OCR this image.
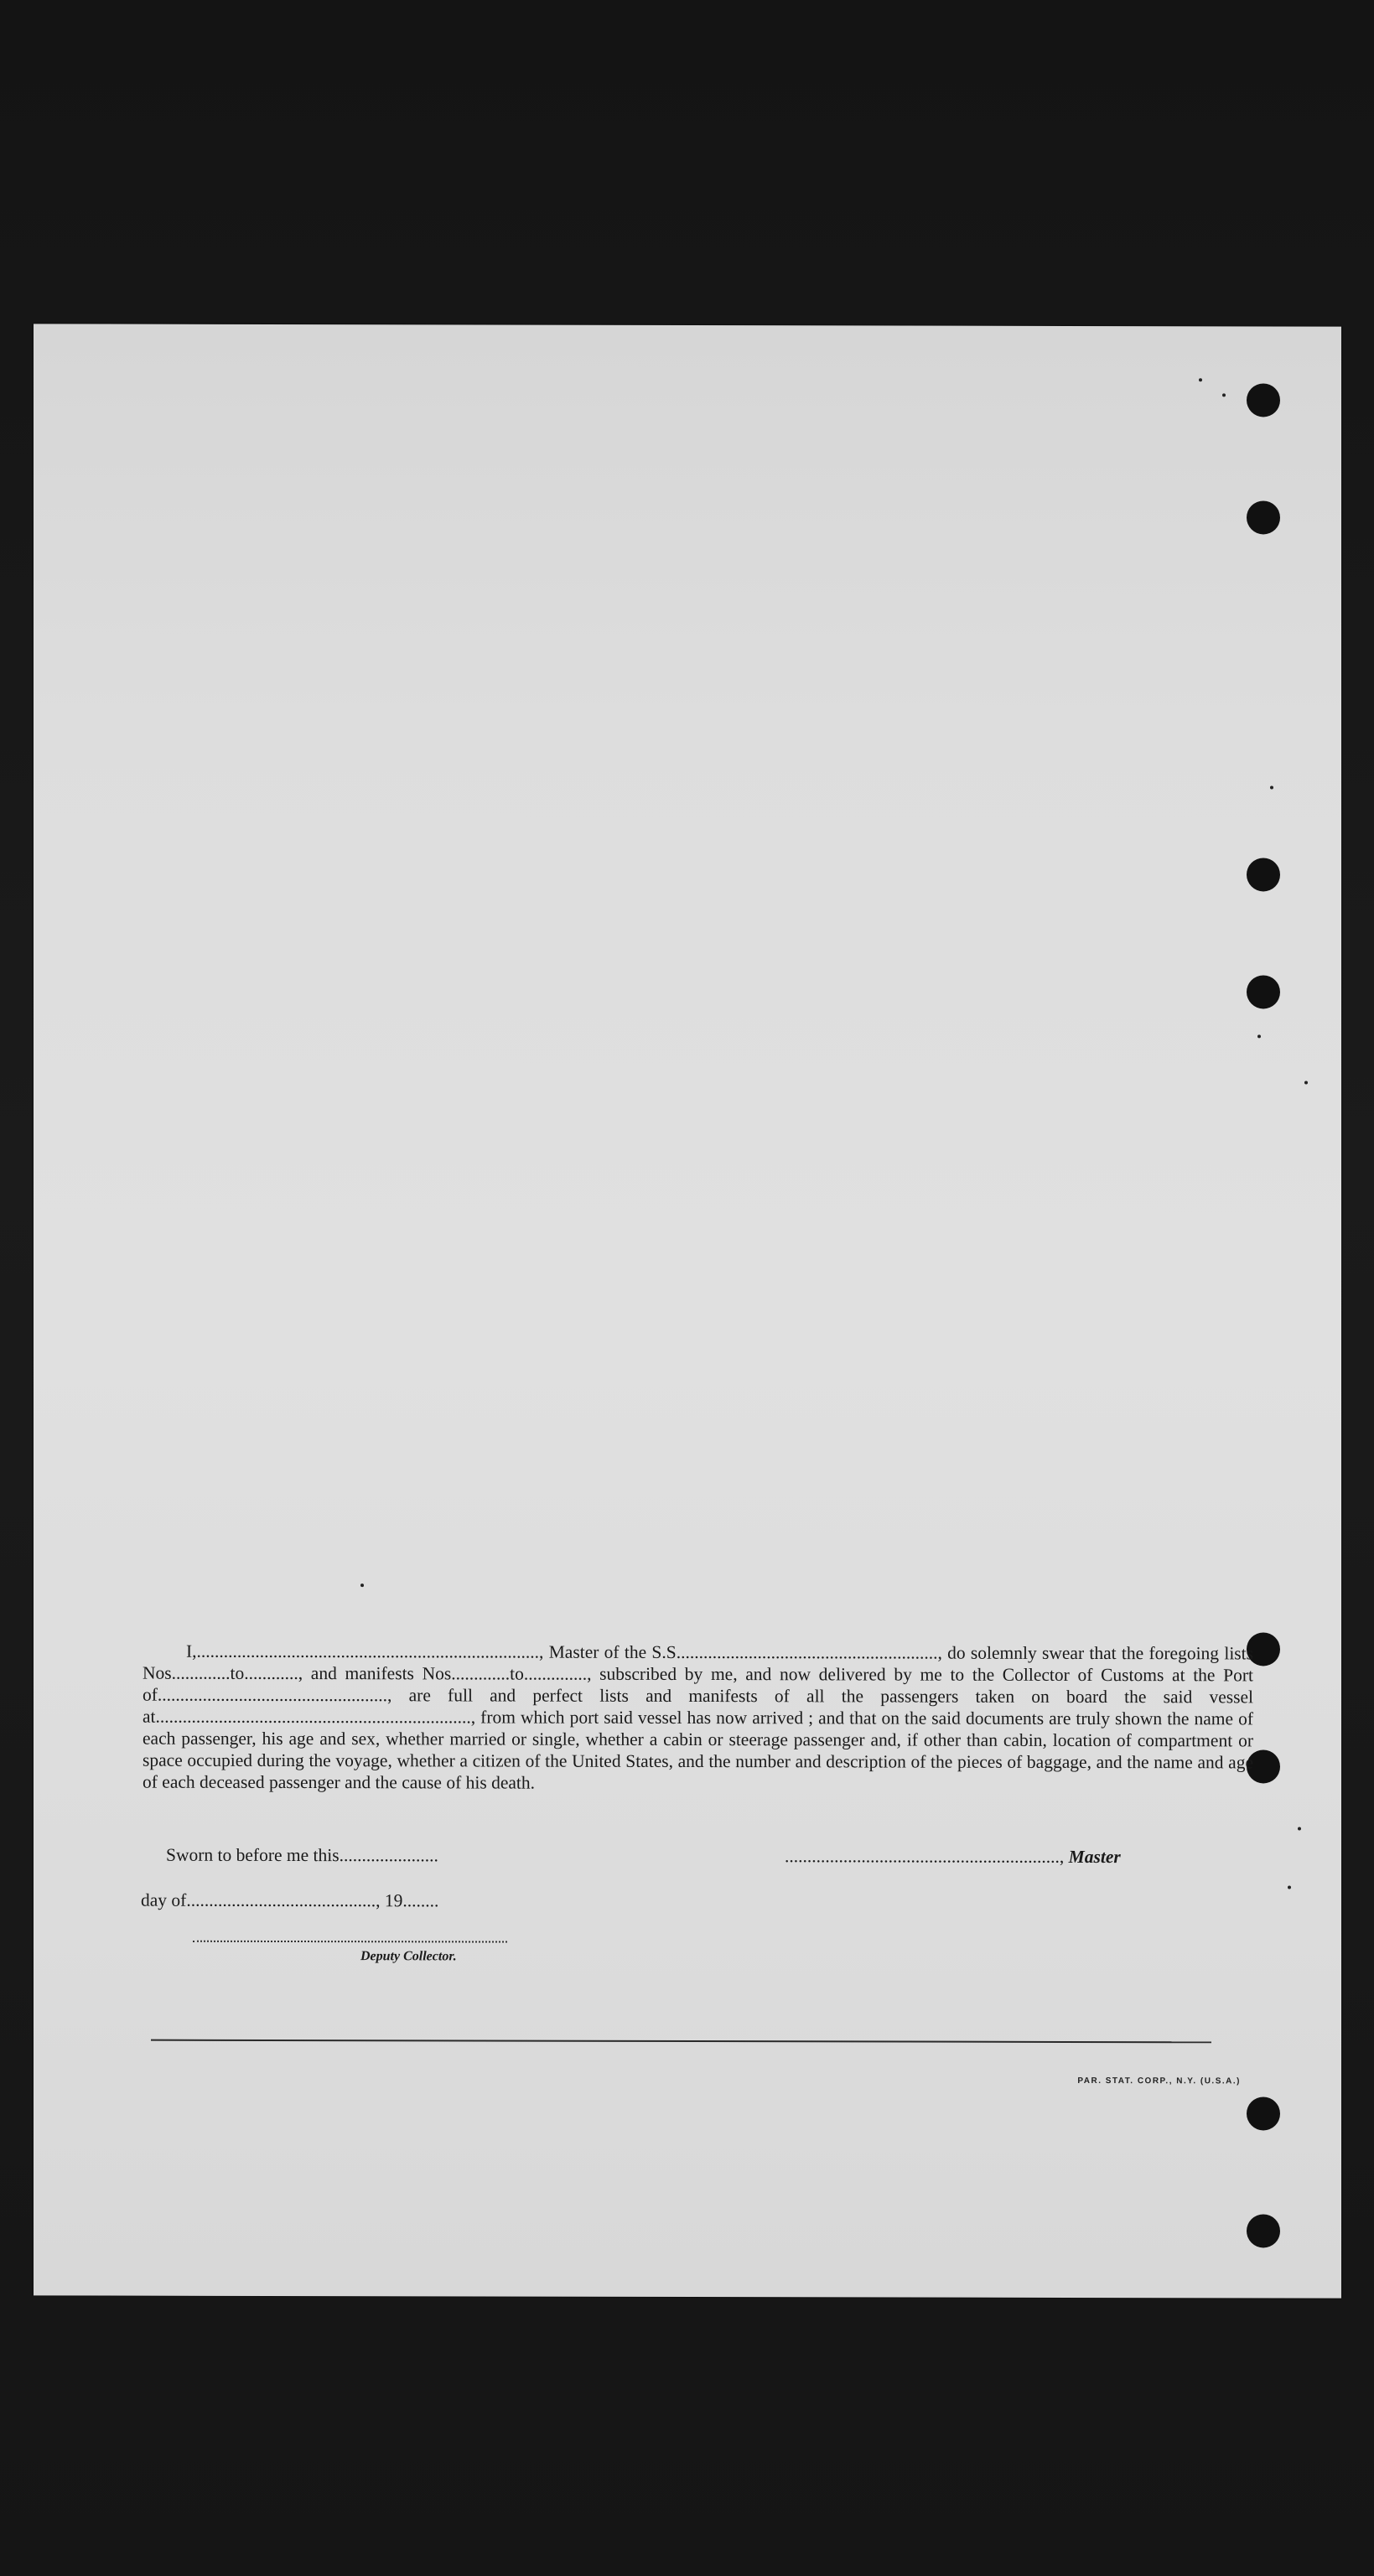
I,............................................................................, Master of the S.S.........................................................., do solemnly swear that the foregoing lists Nos.............to............, and manifests Nos.............to.............., subscribed by me, and now delivered by me to the Collector of Customs at the Port of..................................................., are full and perfect lists and manifests of all the passengers taken on board the said vessel at......................................................................, from which port said vessel has now arrived ; and that on the said documents are truly shown the name of each passenger, his age and sex, whether married or single, whether a cabin or steerage passenger and, if other than cabin, location of compartment or space occupied during the voyage, whether a citizen of the United States, and the number and description of the pieces of baggage, and the name and age of each deceased passenger and the cause of his death.

Sworn to before me this......................	............................................................., Master
day of.........................................., 19........
Deputy Collector.
PAR. STAT. CORP., N.Y. (U.S.A.)
